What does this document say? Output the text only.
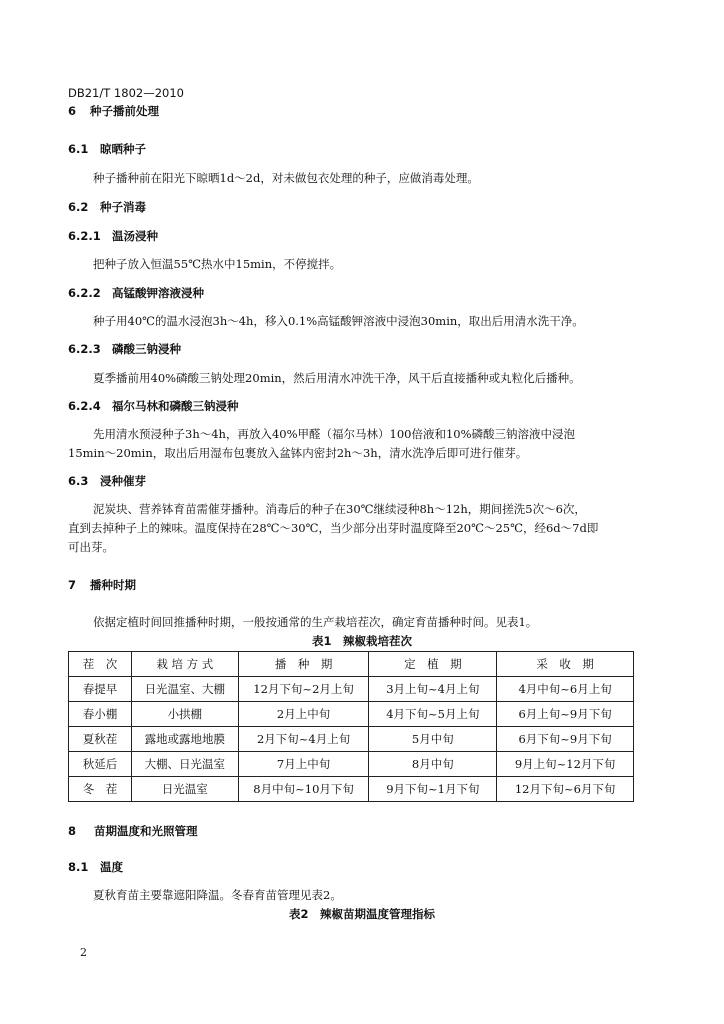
DB21/T 1802—2010
6 种子播前处理
6.1 晾晒种子
种子播种前在阳光下晾晒1d～2d，对未做包衣处理的种子，应做消毒处理。
6.2 种子消毒
6.2.1 温汤浸种
把种子放入恒温55℃热水中15min，不停搅拌。
6.2.2 高锰酸钾溶液浸种
种子用40℃的温水浸泡3h～4h，移入0.1%高锰酸钾溶液中浸泡30min，取出后用清水洗干净。
6.2.3 磷酸三钠浸种
夏季播前用40%磷酸三钠处理20min，然后用清水冲洗干净，风干后直接播种或丸粒化后播种。
6.2.4 福尔马林和磷酸三钠浸种
先用清水预浸种子3h～4h，再放入40%甲醛（福尔马林）100倍液和10%磷酸三钠溶液中浸泡
15min～20min，取出后用湿布包裹放入盆钵内密封2h～3h，清水洗净后即可进行催芽。
6.3 浸种催芽
泥炭块、营养钵育苗需催芽播种。消毒后的种子在30℃继续浸种8h～12h，期间搓洗5次～6次，
直到去掉种子上的辣味。温度保持在28℃～30℃，当少部分出芽时温度降至20℃～25℃，经6d～7d即
可出芽。
7 播种时期
依据定植时间回推播种时期，一般按通常的生产栽培茬次，确定育苗播种时间。见表1。
表1　辣椒栽培茬次
茬　次	栽 培 方 式	播　种　期	定　植　期	采　收　期
春提早	日光温室、大棚	12月下旬~2月上旬	3月上旬~4月上旬	4月中旬~6月上旬
春小棚	小拱棚	2月上中旬	4月下旬~5月上旬	6月上旬~9月下旬
夏秋茬	露地或露地地膜	2月下旬~4月上旬	5月中旬	6月下旬~9月下旬
秋延后	大棚、日光温室	7月上中旬	8月中旬	9月上旬~12月下旬
冬　茬	日光温室	8月中旬~10月下旬	9月下旬~1月下旬	12月下旬~6月下旬
8 苗期温度和光照管理
8.1 温度
夏秋育苗主要靠遮阳降温。冬春育苗管理见表2。
表2　辣椒苗期温度管理指标
2
